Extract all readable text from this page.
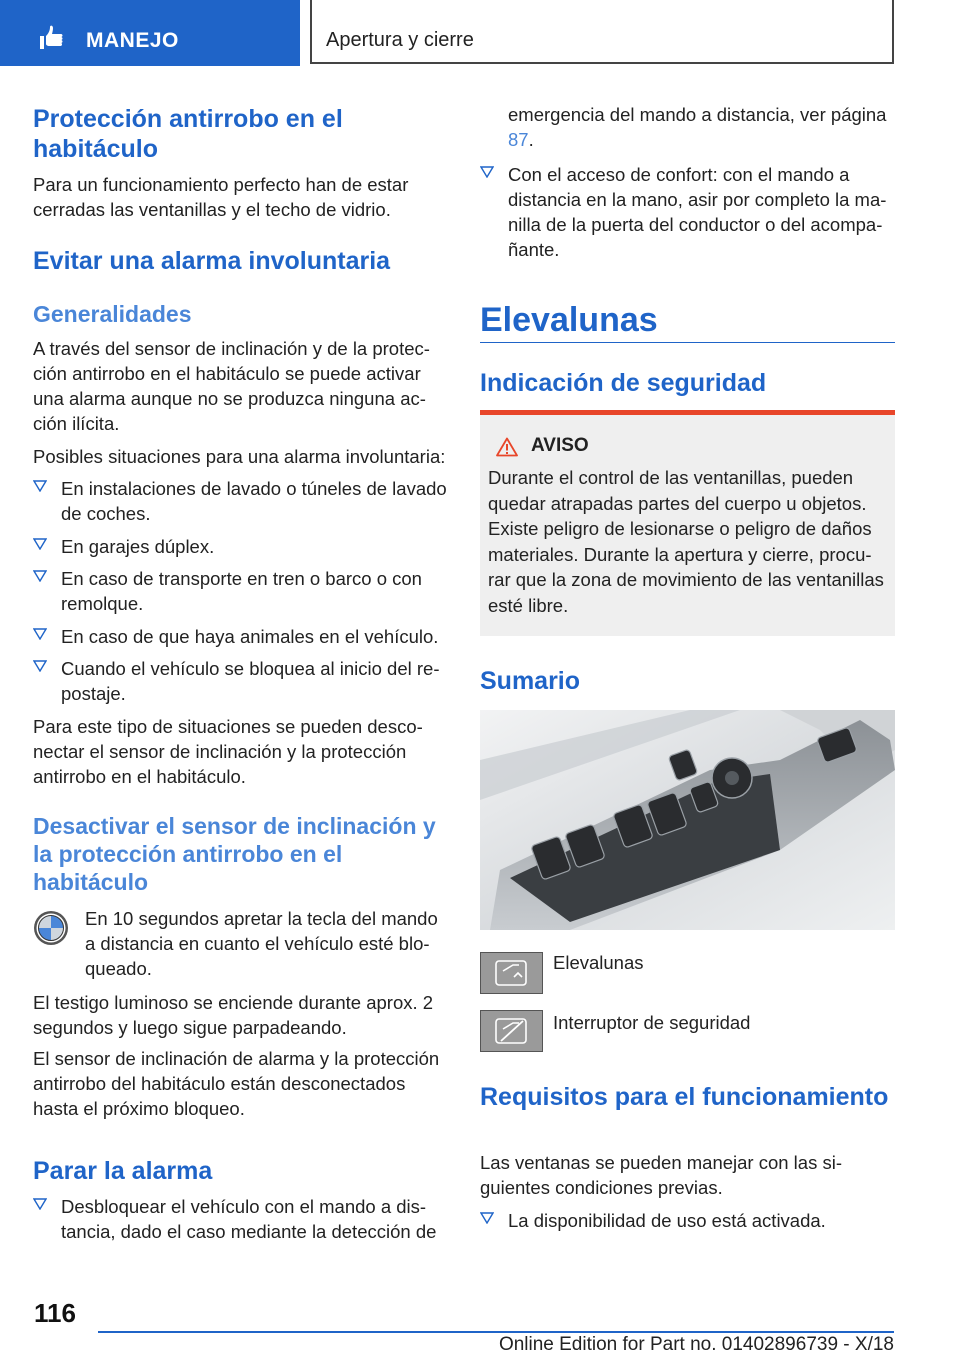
MANEJO	Apertura y cierre
Protección antirrobo en el habitáculo

Para un funcionamiento perfecto han de estar cerradas las ventanillas y el techo de vidrio.

Evitar una alarma involuntaria
Generalidades

A través del sensor de inclinación y de la protección antirrobo en el habitáculo se puede activar una alarma aunque no se produzca ninguna acción ilícita.

Posibles situaciones para una alarma involuntaria:

En instalaciones de lavado o túneles de lavado de coches.

En garajes dúplex.

En caso de transporte en tren o barco o con remolque.

En caso de que haya animales en el vehículo.

Cuando el vehículo se bloquea al inicio del repostaje.

Para este tipo de situaciones se pueden desconectar el sensor de inclinación y la protección antirrobo en el habitáculo.

Desactivar el sensor de inclinación y la protección antirrobo en el habitáculo

En 10 segundos apretar la tecla del mando a distancia en cuanto el vehículo esté bloqueado.

El testigo luminoso se enciende durante aprox. 2 segundos y luego sigue parpadeando.

El sensor de inclinación de alarma y la protección antirrobo del habitáculo están desconectados hasta el próximo bloqueo.

Parar la alarma

Desbloquear el vehículo con el mando a distancia, dado el caso mediante la detección de

emergencia del mando a distancia, ver página 87.

Con el acceso de confort: con el mando a distancia en la mano, asir por completo la manilla de la puerta del conductor o del acompañante.

Elevalunas
Indicación de seguridad
AVISO

Durante el control de las ventanillas, pueden quedar atrapadas partes del cuerpo u objetos. Existe peligro de lesionarse o peligro de daños materiales. Durante la apertura y cierre, procurar que la zona de movimiento de las ventanillas esté libre.

Sumario

Elevalunas

Interruptor de seguridad

Requisitos para el funcionamiento

Las ventanas se pueden manejar con las siguientes condiciones previas.

La disponibilidad de uso está activada.

116
Online Edition for Part no. 01402896739 - X/18
